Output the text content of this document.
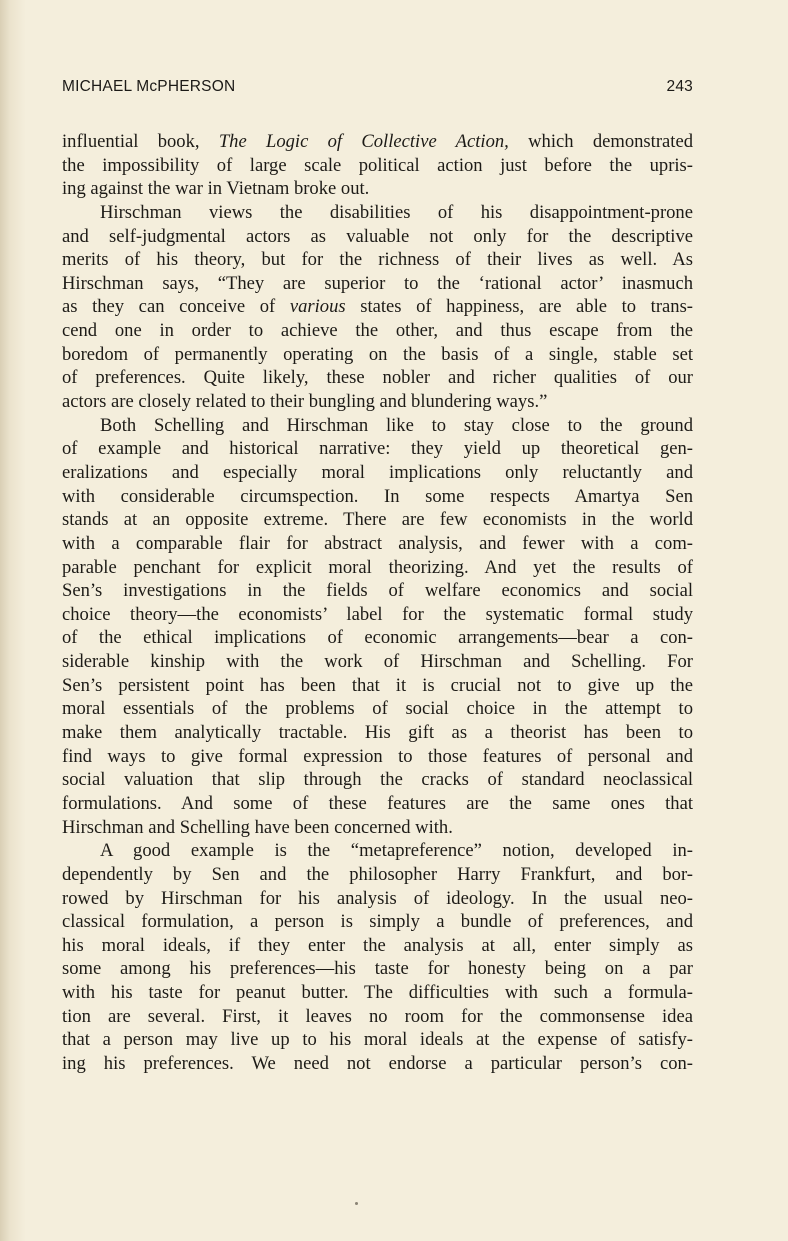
MICHAEL McPHERSON	243
influential book, The Logic of Collective Action, which demonstrated
the impossibility of large scale political action just before the upris-
ing against the war in Vietnam broke out.
Hirschman views the disabilities of his disappointment-prone
and self-judgmental actors as valuable not only for the descriptive
merits of his theory, but for the richness of their lives as well. As
Hirschman says, “They are superior to the ‘rational actor’ inasmuch
as they can conceive of various states of happiness, are able to trans-
cend one in order to achieve the other, and thus escape from the
boredom of permanently operating on the basis of a single, stable set
of preferences. Quite likely, these nobler and richer qualities of our
actors are closely related to their bungling and blundering ways.”
Both Schelling and Hirschman like to stay close to the ground
of example and historical narrative: they yield up theoretical gen-
eralizations and especially moral implications only reluctantly and
with considerable circumspection. In some respects Amartya Sen
stands at an opposite extreme. There are few economists in the world
with a comparable flair for abstract analysis, and fewer with a com-
parable penchant for explicit moral theorizing. And yet the results of
Sen’s investigations in the fields of welfare economics and social
choice theory—the economists’ label for the systematic formal study
of the ethical implications of economic arrangements—bear a con-
siderable kinship with the work of Hirschman and Schelling. For
Sen’s persistent point has been that it is crucial not to give up the
moral essentials of the problems of social choice in the attempt to
make them analytically tractable. His gift as a theorist has been to
find ways to give formal expression to those features of personal and
social valuation that slip through the cracks of standard neoclassical
formulations. And some of these features are the same ones that
Hirschman and Schelling have been concerned with.
A good example is the “metapreference” notion, developed in-
dependently by Sen and the philosopher Harry Frankfurt, and bor-
rowed by Hirschman for his analysis of ideology. In the usual neo-
classical formulation, a person is simply a bundle of preferences, and
his moral ideals, if they enter the analysis at all, enter simply as
some among his preferences—his taste for honesty being on a par
with his taste for peanut butter. The difficulties with such a formula-
tion are several. First, it leaves no room for the commonsense idea
that a person may live up to his moral ideals at the expense of satisfy-
ing his preferences. We need not endorse a particular person’s con-
